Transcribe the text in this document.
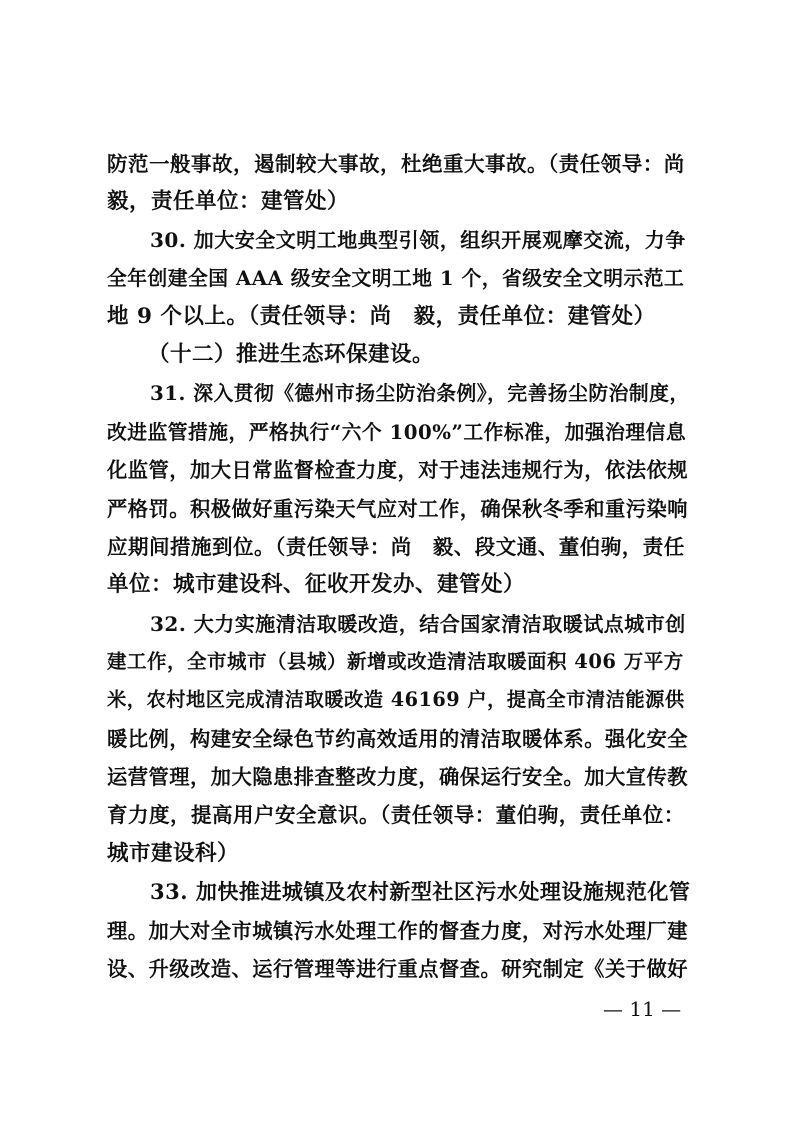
防范一般事故，遏制较大事故，杜绝重大事故。（责任领导：尚
毅，责任单位：建管处）
30. 加大安全文明工地典型引领，组织开展观摩交流，力争
全年创建全国 AAA 级安全文明工地 1 个，省级安全文明示范工
地 9 个以上。（责任领导：尚　毅，责任单位：建管处）
（十二）推进生态环保建设。
31. 深入贯彻《德州市扬尘防治条例》，完善扬尘防治制度，
改进监管措施，严格执行“六个 100%”工作标准，加强治理信息
化监管，加大日常监督检查力度，对于违法违规行为，依法依规
严格罚。积极做好重污染天气应对工作，确保秋冬季和重污染响
应期间措施到位。（责任领导：尚　毅、段文通、董伯驹，责任
单位：城市建设科、征收开发办、建管处）
32. 大力实施清洁取暖改造，结合国家清洁取暖试点城市创
建工作，全市城市（县城）新增或改造清洁取暖面积 406 万平方
米，农村地区完成清洁取暖改造 46169 户，提高全市清洁能源供
暖比例，构建安全绿色节约高效适用的清洁取暖体系。强化安全
运营管理，加大隐患排查整改力度，确保运行安全。加大宣传教
育力度，提高用户安全意识。（责任领导：董伯驹，责任单位：
城市建设科）
33. 加快推进城镇及农村新型社区污水处理设施规范化管
理。加大对全市城镇污水处理工作的督查力度，对污水处理厂建
设、升级改造、运行管理等进行重点督查。研究制定《关于做好
— 11 —
